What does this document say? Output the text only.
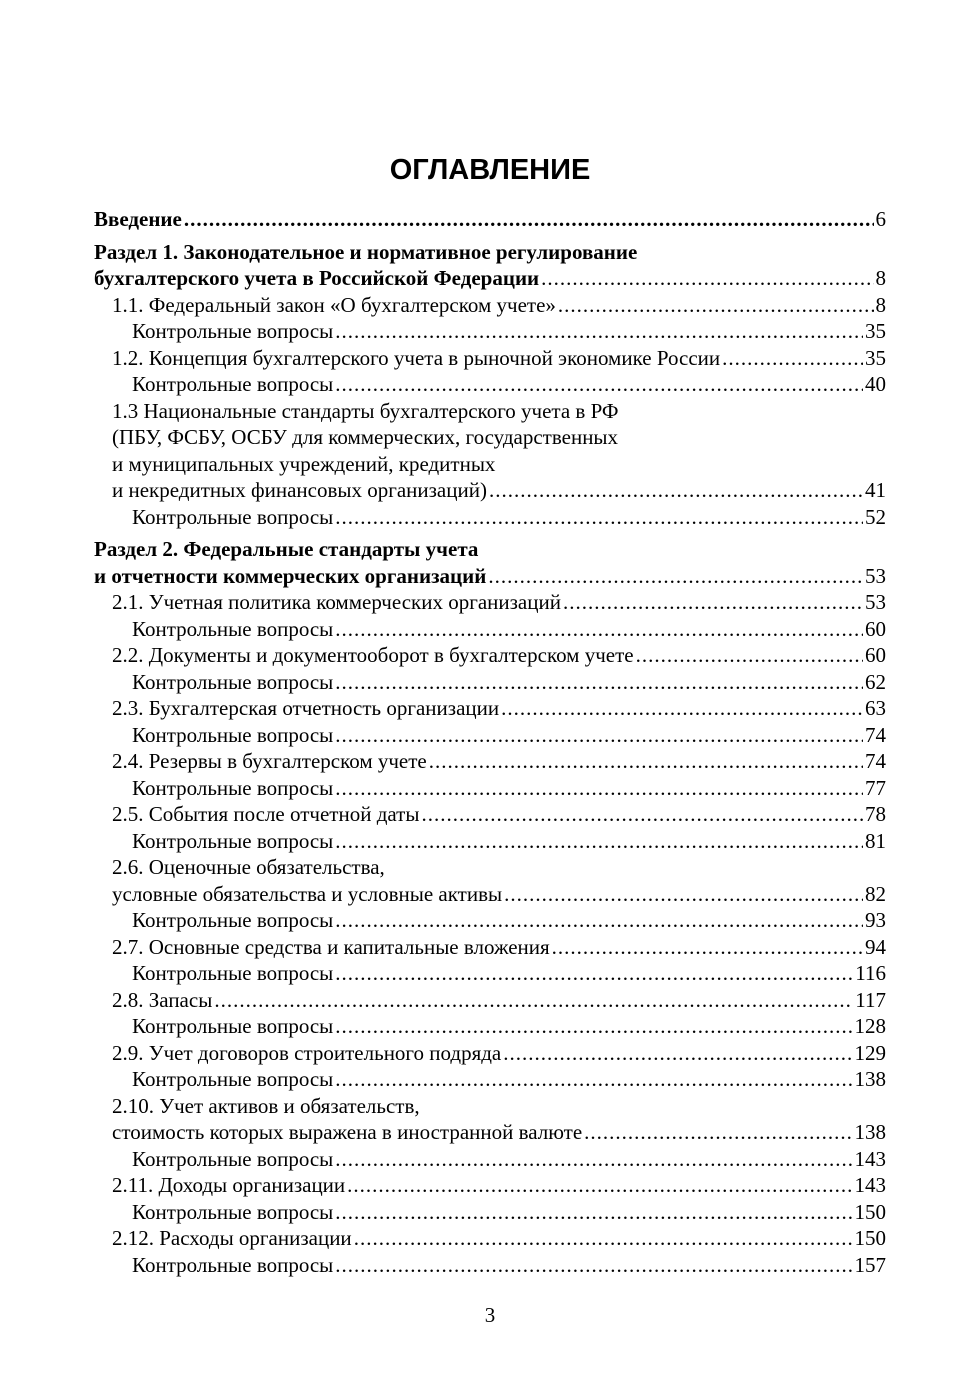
ОГЛАВЛЕНИЕ
Введение .....	6
Раздел 1. Законодательное и нормативное регулирование
бухгалтерского учета в Российской Федерации .....	8
1.1. Федеральный закон «О бухгалтерском учете» .....	8
Контрольные вопросы .....	35
1.2. Концепция бухгалтерского учета в рыночной экономике России .....	35
Контрольные вопросы .....	40
1.3 Национальные стандарты бухгалтерского учета в РФ
(ПБУ, ФСБУ, ОСБУ для коммерческих, государственных
и муниципальных учреждений, кредитных
и некредитных финансовых организаций) .....	41
Контрольные вопросы .....	52
Раздел 2. Федеральные стандарты учета
и отчетности коммерческих организаций .....	53
2.1. Учетная политика коммерческих организаций .....	53
Контрольные вопросы .....	60
2.2. Документы и документооборот в бухгалтерском учете .....	60
Контрольные вопросы .....	62
2.3. Бухгалтерская отчетность организации .....	63
Контрольные вопросы .....	74
2.4. Резервы в бухгалтерском учете .....	74
Контрольные вопросы .....	77
2.5. События после отчетной даты .....	78
Контрольные вопросы .....	81
2.6. Оценочные обязательства,
условные обязательства и условные активы .....	82
Контрольные вопросы .....	93
2.7. Основные средства и капитальные вложения .....	94
Контрольные вопросы .....	116
2.8. Запасы .....	117
Контрольные вопросы .....	128
2.9. Учет договоров строительного подряда .....	129
Контрольные вопросы .....	138
2.10. Учет активов и обязательств,
стоимость которых выражена в иностранной валюте .....	138
Контрольные вопросы .....	143
2.11. Доходы организации .....	143
Контрольные вопросы .....	150
2.12. Расходы организации .....	150
Контрольные вопросы .....	157
3
